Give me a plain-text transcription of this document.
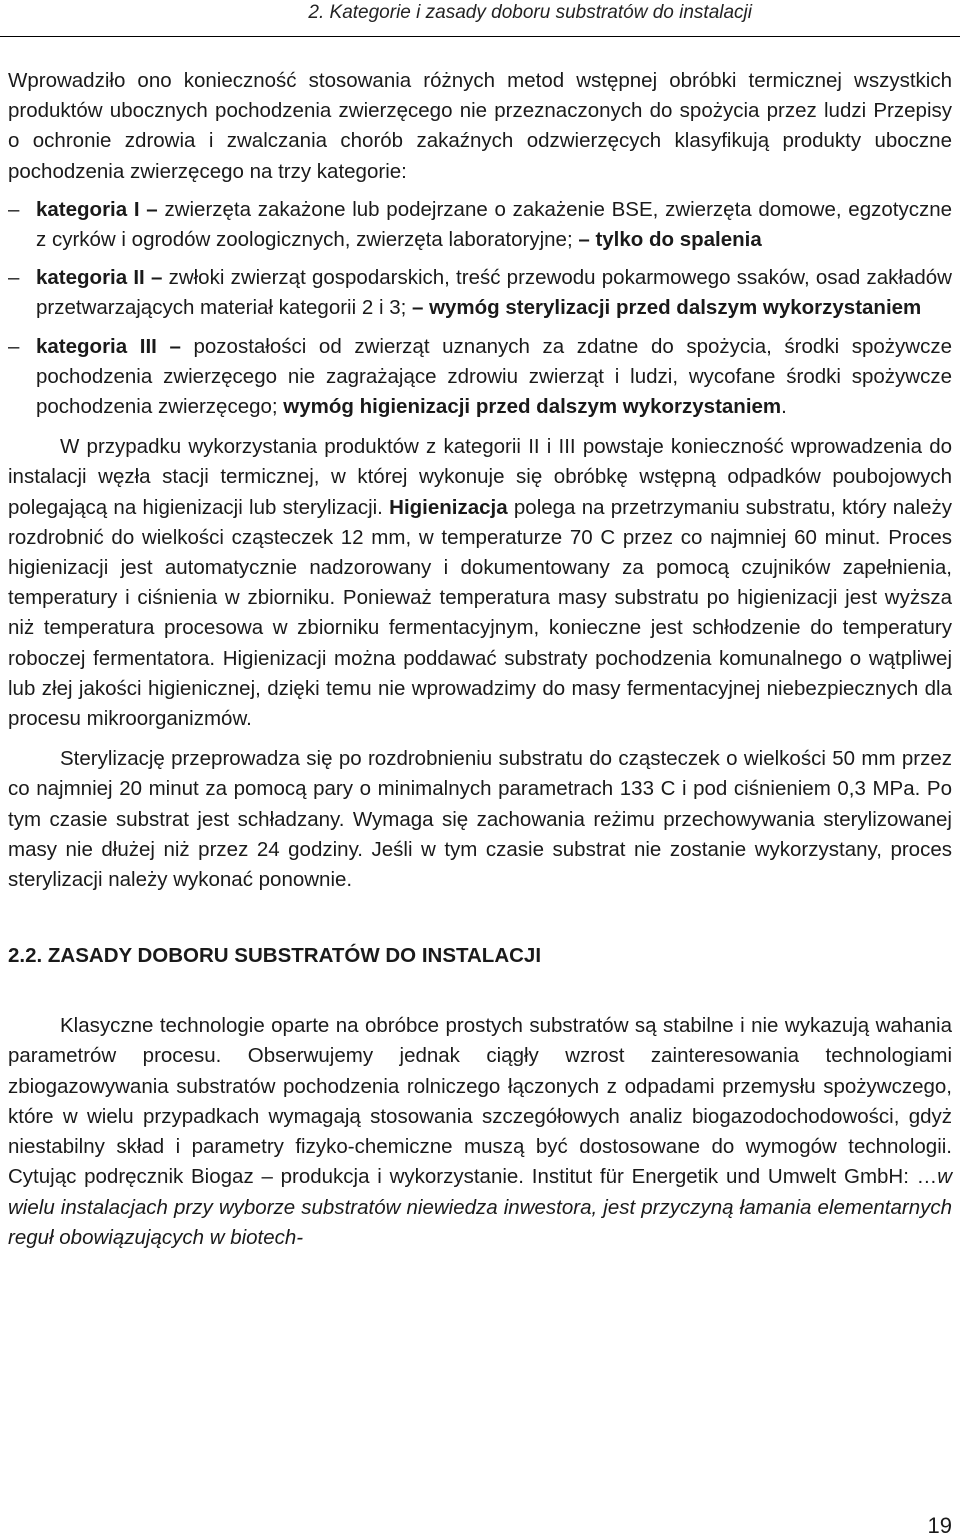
2. Kategorie i zasady doboru substratów do instalacji

Wprowadziło ono konieczność stosowania różnych metod wstępnej obróbki termicznej wszystkich produktów ubocznych pochodzenia zwierzęcego nie przeznaczonych do spożycia przez ludzi Przepisy o ochronie zdrowia i zwalczania chorób zakaźnych odzwierzęcych klasyfikują produkty uboczne pochodzenia zwierzęcego na trzy kategorie:

– kategoria I – zwierzęta zakażone lub podejrzane o zakażenie BSE, zwierzęta domowe, egzotyczne z cyrków i ogrodów zoologicznych, zwierzęta laboratoryjne; – tylko do spalenia
– kategoria II – zwłoki zwierząt gospodarskich, treść przewodu pokarmowego ssaków, osad zakładów przetwarzających materiał kategorii 2 i 3; – wymóg sterylizacji przed dalszym wykorzystaniem
– kategoria III – pozostałości od zwierząt uznanych za zdatne do spożycia, środki spożywcze pochodzenia zwierzęcego nie zagrażające zdrowiu zwierząt i ludzi, wycofane środki spożywcze pochodzenia zwierzęcego; wymóg higienizacji przed dalszym wykorzystaniem.

W przypadku wykorzystania produktów z kategorii II i III powstaje konieczność wprowadzenia do instalacji węzła stacji termicznej, w której wykonuje się obróbkę wstępną odpadków poubojowych polegającą na higienizacji lub sterylizacji. Higienizacja polega na przetrzymaniu substratu, który należy rozdrobnić do wielkości cząsteczek 12 mm, w temperaturze 70 C przez co najmniej 60 minut. Proces higienizacji jest automatycznie nadzorowany i dokumentowany za pomocą czujników zapełnienia, temperatury i ciśnienia w zbiorniku. Ponieważ temperatura masy substratu po higienizacji jest wyższa niż temperatura procesowa w zbiorniku fermentacyjnym, konieczne jest schłodzenie do temperatury roboczej fermentatora. Higienizacji można poddawać substraty pochodzenia komunalnego o wątpliwej lub złej jakości higienicznej, dzięki temu nie wprowadzimy do masy fermentacyjnej niebezpiecznych dla procesu mikroorganizmów.

Sterylizację przeprowadza się po rozdrobnieniu substratu do cząsteczek o wielkości 50 mm przez co najmniej 20 minut za pomocą pary o minimalnych parametrach 133 C i pod ciśnieniem 0,3 MPa. Po tym czasie substrat jest schładzany. Wymaga się zachowania reżimu przechowywania sterylizowanej masy nie dłużej niż przez 24 godziny. Jeśli w tym czasie substrat nie zostanie wykorzystany, proces sterylizacji należy wykonać ponownie.

2.2. ZASADY DOBORU SUBSTRATÓW DO INSTALACJI

Klasyczne technologie oparte na obróbce prostych substratów są stabilne i nie wykazują wahania parametrów procesu. Obserwujemy jednak ciągły wzrost zainteresowania technologiami zbiogazowywania substratów pochodzenia rolniczego łączonych z odpadami przemysłu spożywczego, które w wielu przypadkach wymagają stosowania szczegółowych analiz biogazodochodowości, gdyż niestabilny skład i parametry fizyko-chemiczne muszą być dostosowane do wymogów technologii. Cytując podręcznik Biogaz – produkcja i wykorzystanie. Institut für Energetik und Umwelt GmbH: …w wielu instalacjach przy wyborze substratów niewiedza inwestora, jest przyczyną łamania elementarnych reguł obowiązujących w biotech-

19
